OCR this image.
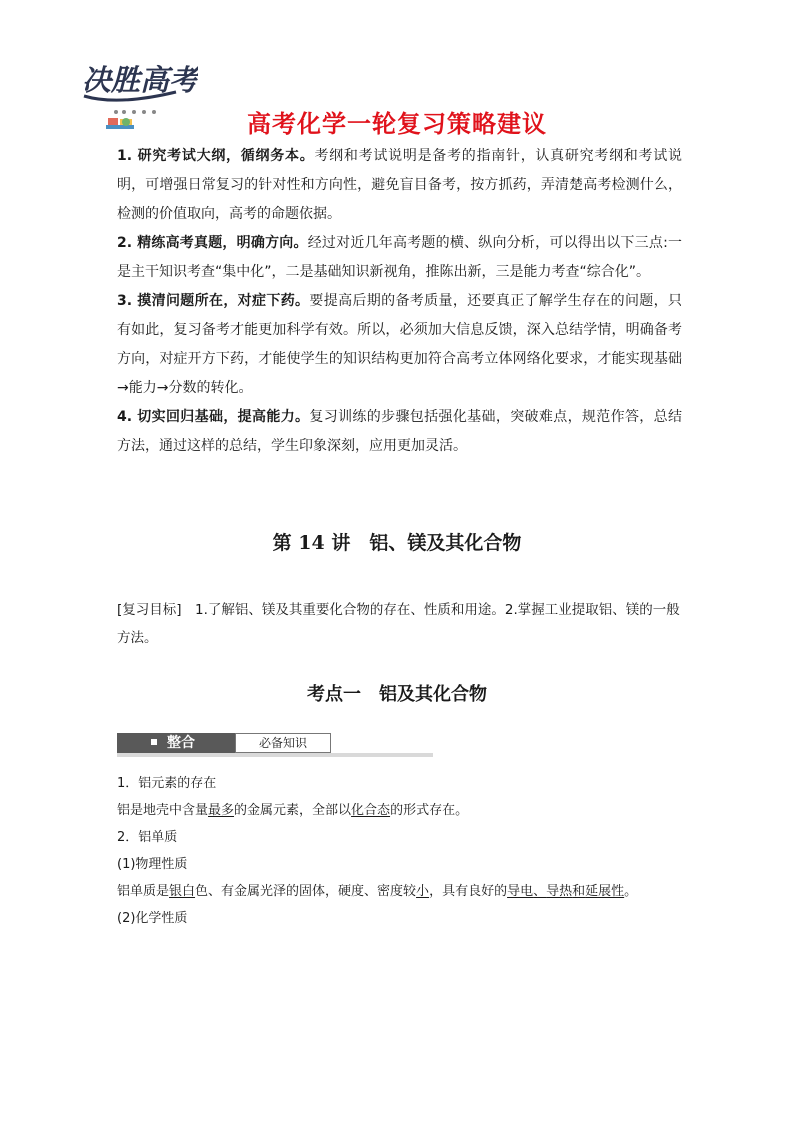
决胜高考
高考化学一轮复习策略建议

1. 研究考试大纲，循纲务本。考纲和考试说明是备考的指南针，认真研究考纲和考试说明，可增强日常复习的针对性和方向性，避免盲目备考，按方抓药，弄清楚高考检测什么，检测的价值取向，高考的命题依据。

2. 精练高考真题，明确方向。经过对近几年高考题的横、纵向分析，可以得出以下三点:一是主干知识考查“集中化”，二是基础知识新视角，推陈出新，三是能力考查“综合化”。

3. 摸清问题所在，对症下药。要提高后期的备考质量，还要真正了解学生存在的问题，只有如此，复习备考才能更加科学有效。所以，必须加大信息反馈，深入总结学情，明确备考方向，对症开方下药，才能使学生的知识结构更加符合高考立体网络化要求，才能实现基础→能力→分数的转化。

4. 切实回归基础，提高能力。复习训练的步骤包括强化基础，突破难点，规范作答，总结方法，通过这样的总结，学生印象深刻，应用更加灵活。

第 14 讲　铝、镁及其化合物
[复习目标]　1.了解铝、镁及其重要化合物的存在、性质和用途。2.掌握工业提取铝、镁的一般方法。
考点一　铝及其化合物
整合	必备知识

1．铝元素的存在

铝是地壳中含量最多的金属元素，全部以化合态的形式存在。

2．铝单质

(1)物理性质

铝单质是银白色、有金属光泽的固体，硬度、密度较小，具有良好的导电、导热和延展性。

(2)化学性质
